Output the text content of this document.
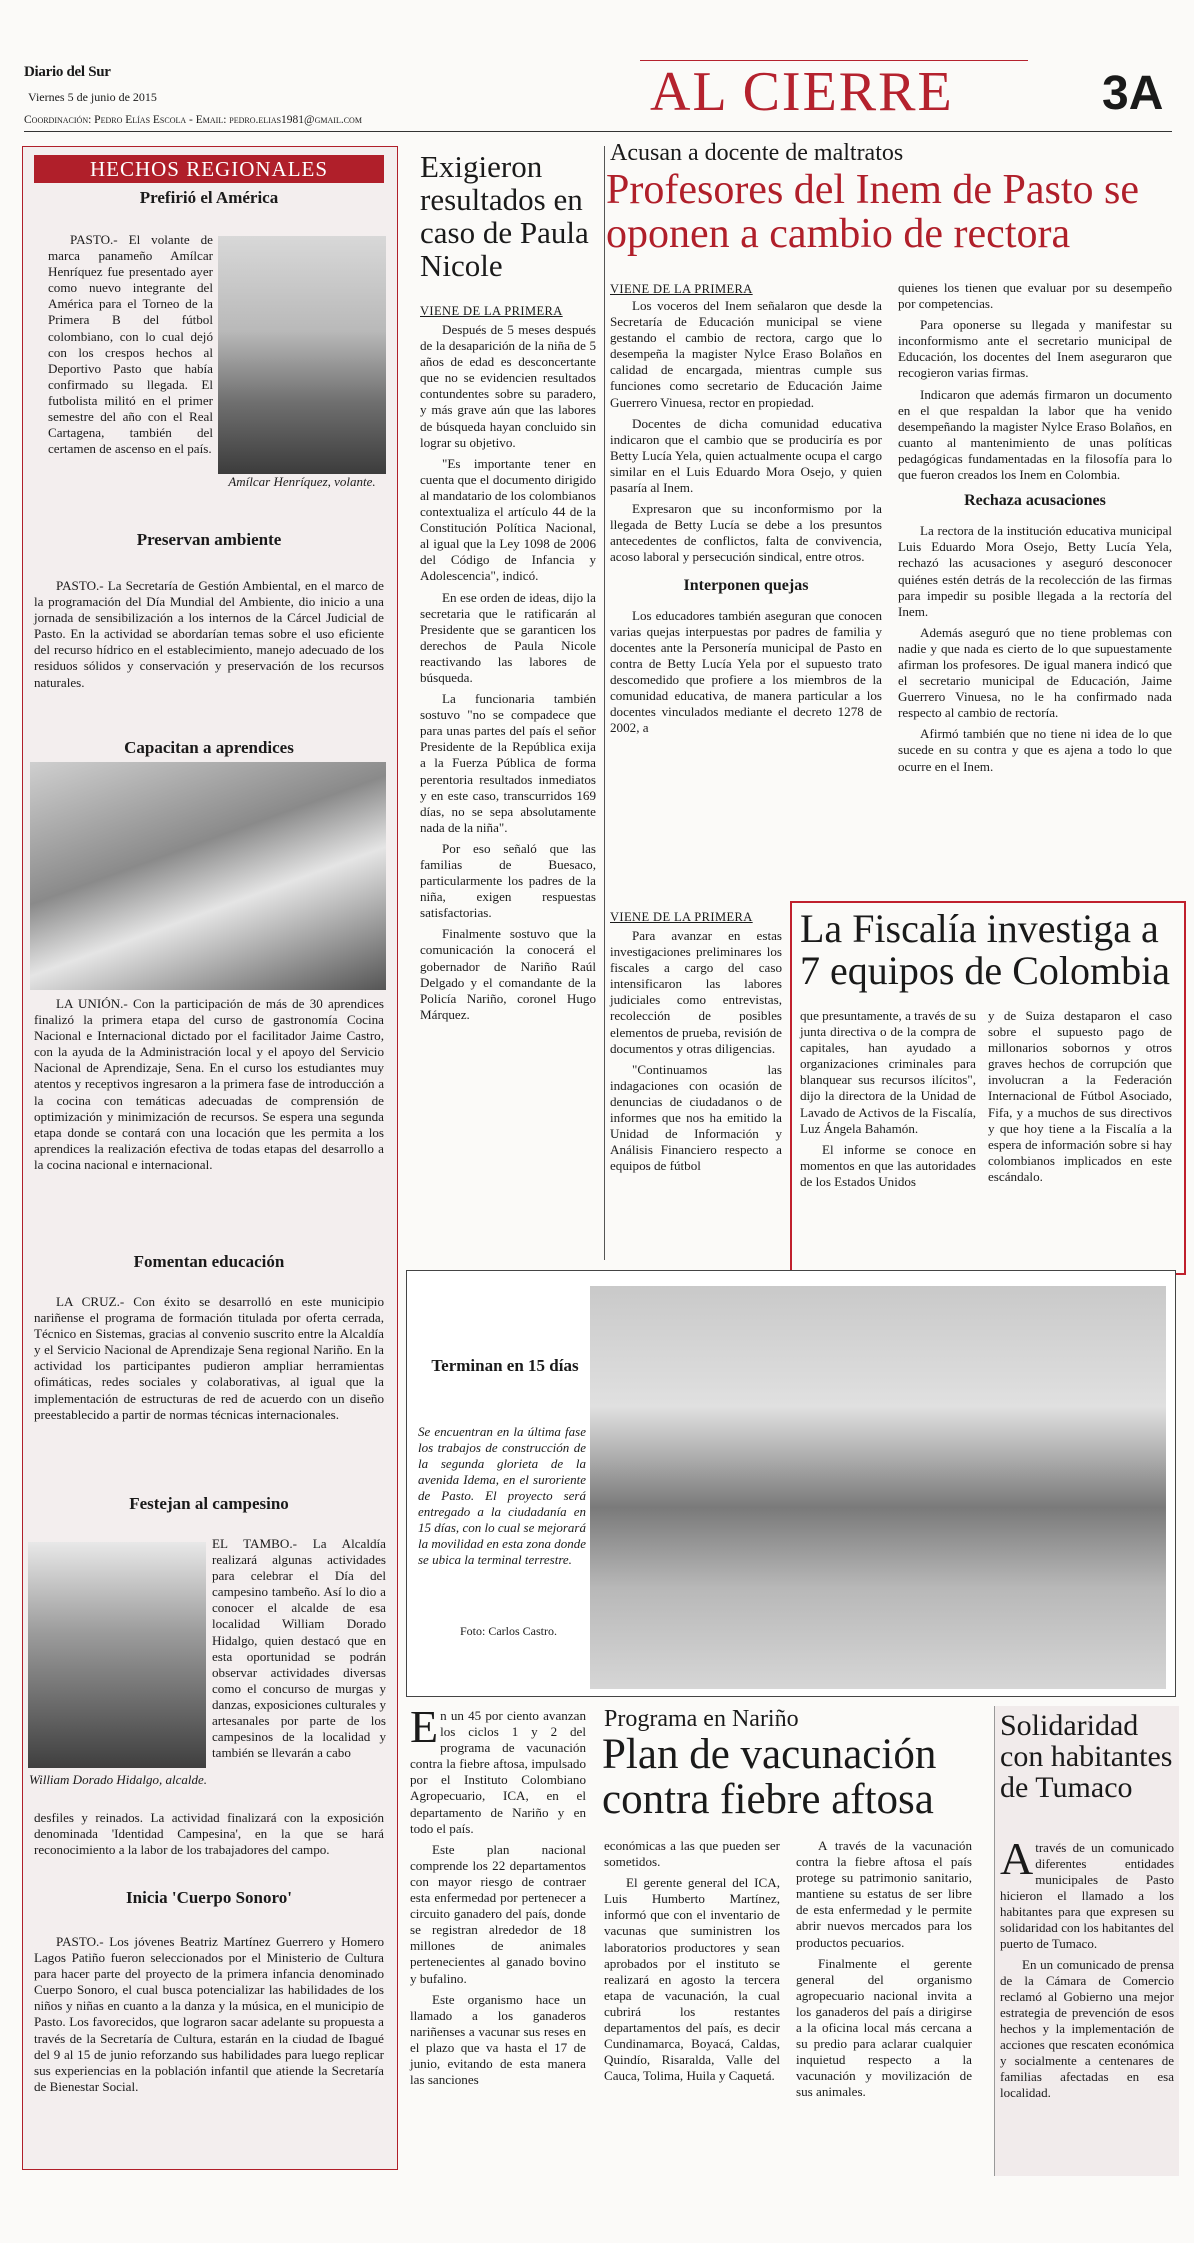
Diario del Sur
Viernes 5 de junio de 2015
Coordinación: Pedro Elías Escola - Email: pedro.elias1981@gmail.com	AL CIERRE	3A
HECHOS REGIONALES
Prefirió el América

PASTO.- El volante de marca panameño Amílcar Henríquez fue presentado ayer como nuevo integrante del América para el Torneo de la Primera B del fútbol colombiano, con lo cual dejó con los crespos hechos al Deportivo Pasto que había confirmado su llegada. El futbolista militó en el primer semestre del año con el Real Cartagena, también del certamen de ascenso en el país.

Amílcar Henríquez, volante.
Preservan ambiente

PASTO.- La Secretaría de Gestión Ambiental, en el marco de la programación del Día Mundial del Ambiente, dio inicio a una jornada de sensibilización a los internos de la Cárcel Judicial de Pasto. En la actividad se abordarían temas sobre el uso eficiente del recurso hídrico en el establecimiento, manejo adecuado de los residuos sólidos y conservación y preservación de los recursos naturales.

Capacitan a aprendices

LA UNIÓN.- Con la participación de más de 30 aprendices finalizó la primera etapa del curso de gastronomía Cocina Nacional e Internacional dictado por el facilitador Jaime Castro, con la ayuda de la Administración local y el apoyo del Servicio Nacional de Aprendizaje, Sena. En el curso los estudiantes muy atentos y receptivos ingresaron a la primera fase de introducción a la cocina con temáticas adecuadas de comprensión de optimización y minimización de recursos. Se espera una segunda etapa donde se contará con una locación que les permita a los aprendices la realización efectiva de todas etapas del desarrollo a la cocina nacional e internacional.

Fomentan educación

LA CRUZ.- Con éxito se desarrolló en este municipio nariñense el programa de formación titulada por oferta cerrada, Técnico en Sistemas, gracias al convenio suscrito entre la Alcaldía y el Servicio Nacional de Aprendizaje Sena regional Nariño. En la actividad los participantes pudieron ampliar herramientas ofimáticas, redes sociales y colaborativas, al igual que la implementación de estructuras de red de acuerdo con un diseño preestablecido a partir de normas técnicas internacionales.

Festejan al campesino
William Dorado Hidalgo, alcalde.

EL TAMBO.- La Alcaldía realizará algunas actividades para celebrar el Día del campesino tambeño. Así lo dio a conocer el alcalde de esa localidad William Dorado Hidalgo, quien destacó que en esta oportunidad se podrán observar actividades diversas como el concurso de murgas y danzas, exposiciones culturales y artesanales por parte de los campesinos de la localidad y también se llevarán a cabo

desfiles y reinados. La actividad finalizará con la exposición denominada 'Identidad Campesina', en la que se hará reconocimiento a la labor de los trabajadores del campo.

Inicia 'Cuerpo Sonoro'

PASTO.- Los jóvenes Beatriz Martínez Guerrero y Homero Lagos Patiño fueron seleccionados por el Ministerio de Cultura para hacer parte del proyecto de la primera infancia denominado Cuerpo Sonoro, el cual busca potencializar las habilidades de los niños y niñas en cuanto a la danza y la música, en el municipio de Pasto. Los favorecidos, que lograron sacar adelante su propuesta a través de la Secretaría de Cultura, estarán en la ciudad de Ibagué del 9 al 15 de junio reforzando sus habilidades para luego replicar sus experiencias en la población infantil que atiende la Secretaría de Bienestar Social.

Exigieron resultados en caso de Paula Nicole
VIENE DE LA PRIMERA

Después de 5 meses después de la desaparición de la niña de 5 años de edad es desconcertante que no se evidencien resultados contundentes sobre su paradero, y más grave aún que las labores de búsqueda hayan concluido sin lograr su objetivo.

"Es importante tener en cuenta que el documento dirigido al mandatario de los colombianos contextualiza el artículo 44 de la Constitución Política Nacional, al igual que la Ley 1098 de 2006 del Código de Infancia y Adolescencia", indicó.

En ese orden de ideas, dijo la secretaria que le ratificarán al Presidente que se garanticen los derechos de Paula Nicole reactivando las labores de búsqueda.

La funcionaria también sostuvo "no se compadece que para unas partes del país el señor Presidente de la República exija a la Fuerza Pública de forma perentoria resultados inmediatos y en este caso, transcurridos 169 días, no se sepa absolutamente nada de la niña".

Por eso señaló que las familias de Buesaco, particularmente los padres de la niña, exigen respuestas satisfactorias.

Finalmente sostuvo que la comunicación la conocerá el gobernador de Nariño Raúl Delgado y el comandante de la Policía Nariño, coronel Hugo Márquez.

Acusan a docente de maltratos
Profesores del Inem de Pasto se oponen a cambio de rectora
VIENE DE LA PRIMERA

Los voceros del Inem señalaron que desde la Secretaría de Educación municipal se viene gestando el cambio de rectora, cargo que lo desempeña la magister Nylce Eraso Bolaños en calidad de encargada, mientras cumple sus funciones como secretario de Educación Jaime Guerrero Vinuesa, rector en propiedad.

Docentes de dicha comunidad educativa indicaron que el cambio que se produciría es por Betty Lucía Yela, quien actualmente ocupa el cargo similar en el Luis Eduardo Mora Osejo, y quien pasaría al Inem.

Expresaron que su inconformismo por la llegada de Betty Lucía se debe a los presuntos antecedentes de conflictos, falta de convivencia, acoso laboral y persecución sindical, entre otros.

Interponen quejas

Los educadores también aseguran que conocen varias quejas interpuestas por padres de familia y docentes ante la Personería municipal de Pasto en contra de Betty Lucía Yela por el supuesto trato descomedido que profiere a los miembros de la comunidad educativa, de manera particular a los docentes vinculados mediante el decreto 1278 de 2002, a

quienes los tienen que evaluar por su desempeño por competencias.

Para oponerse su llegada y manifestar su inconformismo ante el secretario municipal de Educación, los docentes del Inem aseguraron que recogieron varias firmas.

Indicaron que además firmaron un documento en el que respaldan la labor que ha venido desempeñando la magister Nylce Eraso Bolaños, en cuanto al mantenimiento de unas políticas pedagógicas fundamentadas en la filosofía para lo que fueron creados los Inem en Colombia.

Rechaza acusaciones

La rectora de la institución educativa municipal Luis Eduardo Mora Osejo, Betty Lucía Yela, rechazó las acusaciones y aseguró desconocer quiénes estén detrás de la recolección de las firmas para impedir su posible llegada a la rectoría del Inem.

Además aseguró que no tiene problemas con nadie y que nada es cierto de lo que supuestamente afirman los profesores. De igual manera indicó que el secretario municipal de Educación, Jaime Guerrero Vinuesa, no le ha confirmado nada respecto al cambio de rectoría.

Afirmó también que no tiene ni idea de lo que sucede en su contra y que es ajena a todo lo que ocurre en el Inem.

VIENE DE LA PRIMERA

Para avanzar en estas investigaciones preliminares los fiscales a cargo del caso intensificaron las labores judiciales como entrevistas, recolección de posibles elementos de prueba, revisión de documentos y otras diligencias.

"Continuamos las indagaciones con ocasión de denuncias de ciudadanos o de informes que nos ha emitido la Unidad de Información y Análisis Financiero respecto a equipos de fútbol

La Fiscalía investiga a 7 equipos de Colombia

que presuntamente, a través de su junta directiva o de la compra de capitales, han ayudado a organizaciones criminales para blanquear sus recursos ilícitos", dijo la directora de la Unidad de Lavado de Activos de la Fiscalía, Luz Ángela Bahamón.

El informe se conoce en momentos en que las autoridades de los Estados Unidos

y de Suiza destaparon el caso sobre el supuesto pago de millonarios sobornos y otros graves hechos de corrupción que involucran a la Federación Internacional de Fútbol Asociado, Fifa, y a muchos de sus directivos y que hoy tiene a la Fiscalía a la espera de información sobre si hay colombianos implicados en este escándalo.

Terminan en 15 días
Se encuentran en la última fase los trabajos de construcción de la segunda glorieta de la avenida Idema, en el suroriente de Pasto. El proyecto será entregado a la ciudadanía en 15 días, con lo cual se mejorará la movilidad en esta zona donde se ubica la terminal terrestre.
Foto: Carlos Castro.

En un 45 por ciento avanzan los ciclos 1 y 2 del programa de vacunación contra la fiebre aftosa, impulsado por el Instituto Colombiano Agropecuario, ICA, en el departamento de Nariño y en todo el país.

Este plan nacional comprende los 22 departamentos con mayor riesgo de contraer esta enfermedad por pertenecer a circuito ganadero del país, donde se registran alrededor de 18 millones de animales pertenecientes al ganado bovino y bufalino.

Este organismo hace un llamado a los ganaderos nariñenses a vacunar sus reses en el plazo que va hasta el 17 de junio, evitando de esta manera las sanciones

Programa en Nariño
Plan de vacunación contra fiebre aftosa

económicas a las que pueden ser sometidos.

El gerente general del ICA, Luis Humberto Martínez, informó que con el inventario de vacunas que suministren los laboratorios productores y sean aprobados por el instituto se realizará en agosto la tercera etapa de vacunación, la cual cubrirá los restantes departamentos del país, es decir Cundinamarca, Boyacá, Caldas, Quindío, Risaralda, Valle del Cauca, Tolima, Huila y Caquetá.

A través de la vacunación contra la fiebre aftosa el país protege su patrimonio sanitario, mantiene su estatus de ser libre de esta enfermedad y le permite abrir nuevos mercados para los productos pecuarios.

Finalmente el gerente general del organismo agropecuario nacional invita a los ganaderos del país a dirigirse a la oficina local más cercana a su predio para aclarar cualquier inquietud respecto a la vacunación y movilización de sus animales.

Solidaridad con habitantes de Tumaco

Através de un comunicado diferentes entidades municipales de Pasto hicieron el llamado a los habitantes para que expresen su solidaridad con los habitantes del puerto de Tumaco.

En un comunicado de prensa de la Cámara de Comercio reclamó al Gobierno una mejor estrategia de prevención de esos hechos y la implementación de acciones que rescaten económica y socialmente a centenares de familias afectadas en esa localidad.
